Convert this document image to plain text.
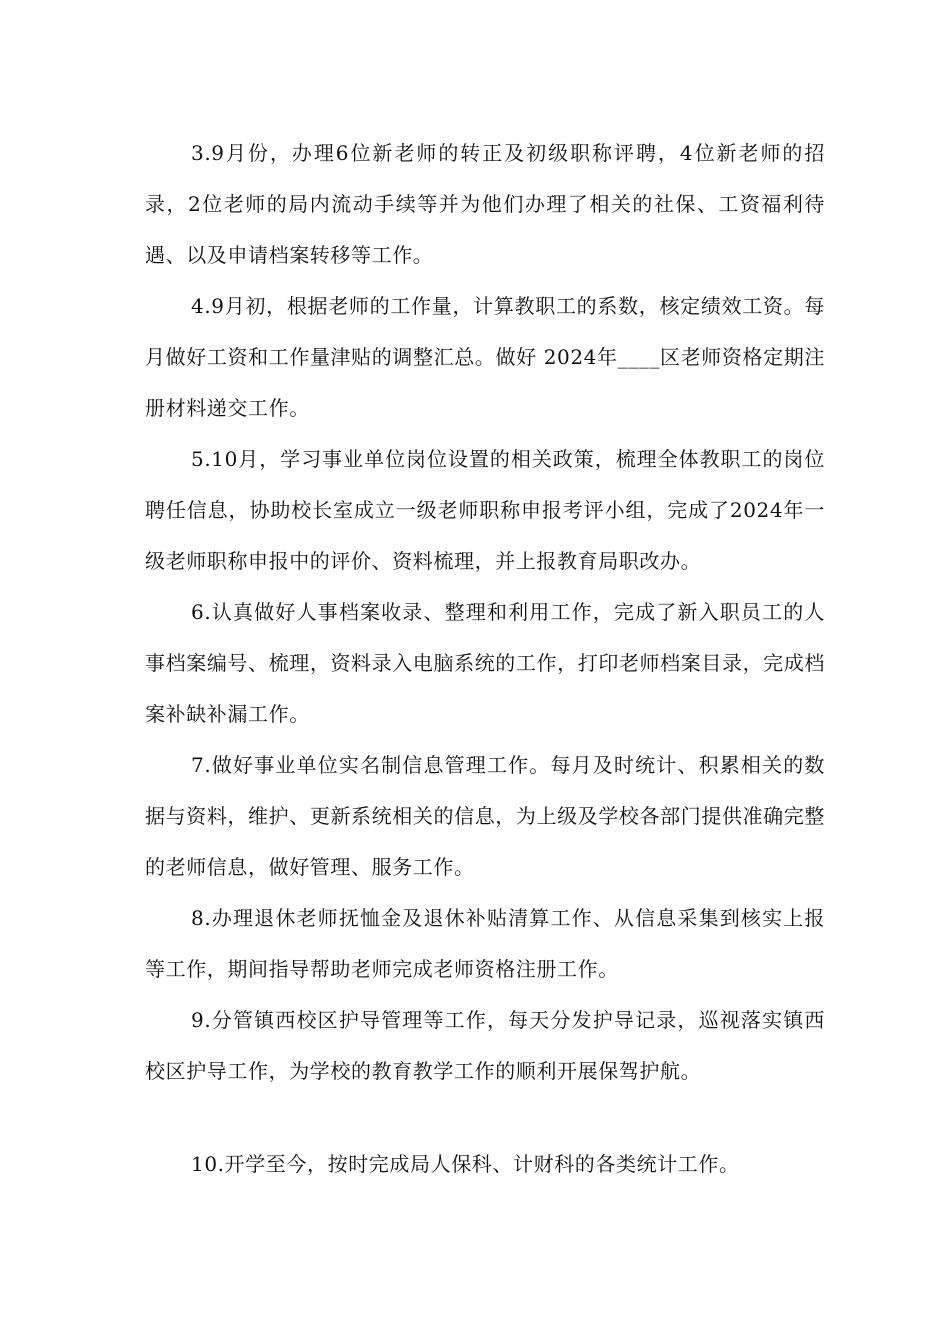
3.9月份，办理6位新老师的转正及初级职称评聘，4位新老师的招录，2位老师的局内流动手续等并为他们办理了相关的社保、工资福利待遇、以及申请档案转移等工作。

4.9月初，根据老师的工作量，计算教职工的系数，核定绩效工资。每月做好工资和工作量津贴的调整汇总。做好 2024年____区老师资格定期注册材料递交工作。

5.10月，学习事业单位岗位设置的相关政策，梳理全体教职工的岗位聘任信息，协助校长室成立一级老师职称申报考评小组，完成了2024年一级老师职称申报中的评价、资料梳理，并上报教育局职改办。

6.认真做好人事档案收录、整理和利用工作，完成了新入职员工的人事档案编号、梳理，资料录入电脑系统的工作，打印老师档案目录，完成档案补缺补漏工作。

7.做好事业单位实名制信息管理工作。每月及时统计、积累相关的数据与资料，维护、更新系统相关的信息，为上级及学校各部门提供准确完整的老师信息，做好管理、服务工作。

8.办理退休老师抚恤金及退休补贴清算工作、从信息采集到核实上报等工作，期间指导帮助老师完成老师资格注册工作。

9.分管镇西校区护导管理等工作，每天分发护导记录，巡视落实镇西校区护导工作，为学校的教育教学工作的顺利开展保驾护航。

10.开学至今，按时完成局人保科、计财科的各类统计工作。
